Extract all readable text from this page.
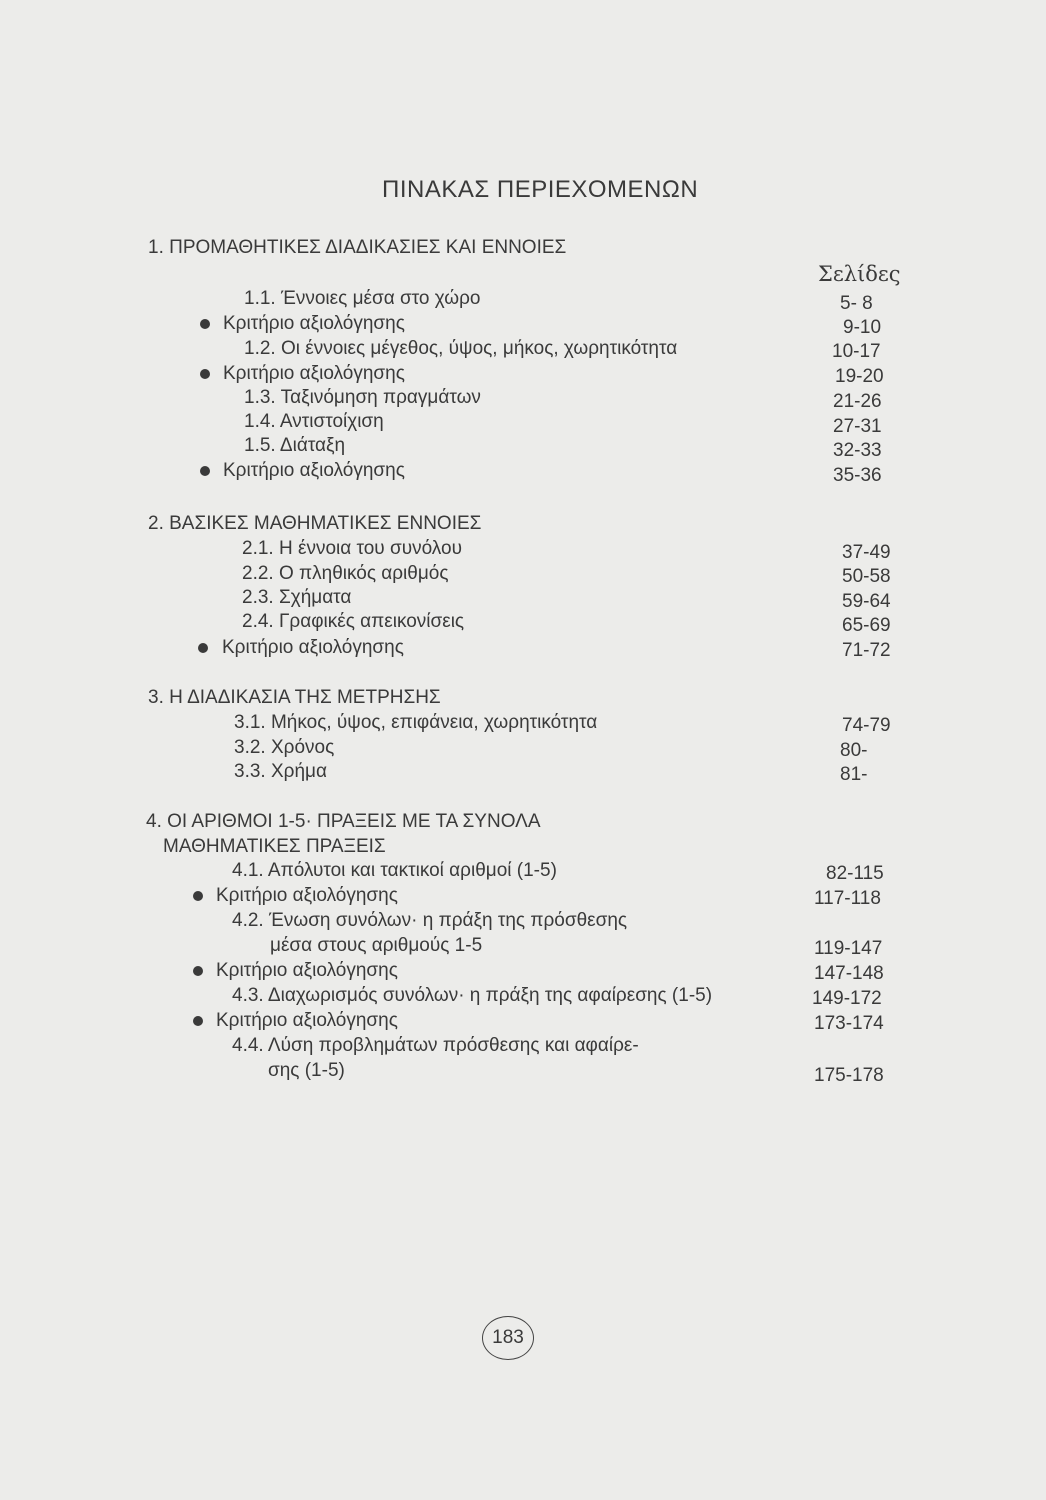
ΠΙΝΑΚΑΣ ΠΕΡΙΕΧΟΜΕΝΩΝ
1. ΠΡΟΜΑΘΗΤΙΚΕΣ ΔΙΑΔΙΚΑΣΙΕΣ ΚΑΙ ΕΝΝΟΙΕΣ
Σελίδες
1.1. Έννοιες μέσα στο χώρο	5- 8
Κριτήριο αξιολόγησης	9-10
1.2. Οι έννοιες μέγεθος, ύψος, μήκος, χωρητικότητα	10-17
Κριτήριο αξιολόγησης	19-20
1.3. Ταξινόμηση πραγμάτων	21-26
1.4. Αντιστοίχιση	27-31
1.5. Διάταξη	32-33
Κριτήριο αξιολόγησης	35-36
2. ΒΑΣΙΚΕΣ ΜΑΘΗΜΑΤΙΚΕΣ ΕΝΝΟΙΕΣ
2.1. Η έννοια του συνόλου	37-49
2.2. Ο πληθικός αριθμός	50-58
2.3. Σχήματα	59-64
2.4. Γραφικές απεικονίσεις	65-69
Κριτήριο αξιολόγησης	71-72
3. Η ΔΙΑΔΙΚΑΣΙΑ ΤΗΣ ΜΕΤΡΗΣΗΣ
3.1. Μήκος, ύψος, επιφάνεια, χωρητικότητα	74-79
3.2. Χρόνος	80-
3.3. Χρήμα	81-
4. ΟΙ ΑΡΙΘΜΟΙ 1-5· ΠΡΑΞΕΙΣ ΜΕ ΤΑ ΣΥΝΟΛΑ
ΜΑΘΗΜΑΤΙΚΕΣ ΠΡΑΞΕΙΣ
4.1. Απόλυτοι και τακτικοί αριθμοί (1-5)	82-115
Κριτήριο αξιολόγησης	117-118
4.2. Ένωση συνόλων· η πράξη της πρόσθεσης
μέσα στους αριθμούς 1-5	119-147
Κριτήριο αξιολόγησης	147-148
4.3. Διαχωρισμός συνόλων· η πράξη της αφαίρεσης (1-5)	149-172
Κριτήριο αξιολόγησης	173-174
4.4. Λύση προβλημάτων πρόσθεσης και αφαίρε-
σης (1-5)	175-178
183
